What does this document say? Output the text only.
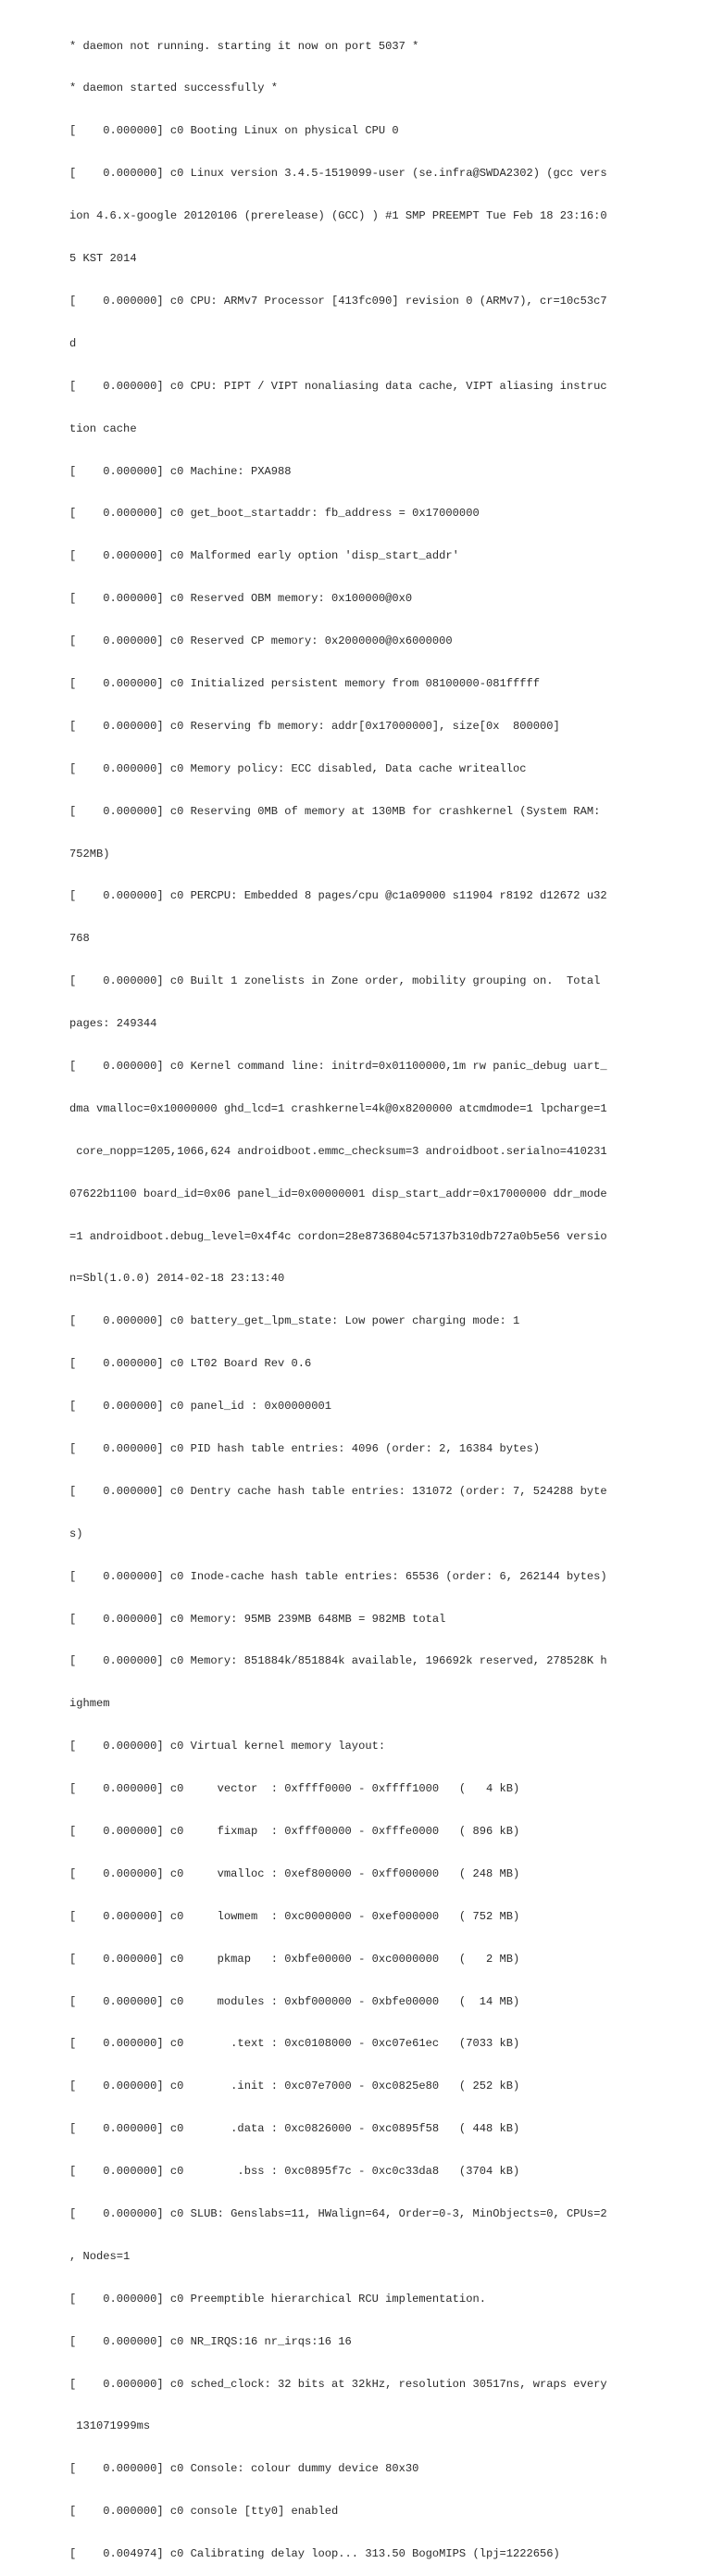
* daemon not running. starting it now on port 5037 *

* daemon started successfully *

[    0.000000] c0 Booting Linux on physical CPU 0

[    0.000000] c0 Linux version 3.4.5-1519099-user (se.infra@SWDA2302) (gcc vers

ion 4.6.x-google 20120106 (prerelease) (GCC) ) #1 SMP PREEMPT Tue Feb 18 23:16:0

5 KST 2014

[    0.000000] c0 CPU: ARMv7 Processor [413fc090] revision 0 (ARMv7), cr=10c53c7

d

[    0.000000] c0 CPU: PIPT / VIPT nonaliasing data cache, VIPT aliasing instruc

tion cache

[    0.000000] c0 Machine: PXA988

[    0.000000] c0 get_boot_startaddr: fb_address = 0x17000000

[    0.000000] c0 Malformed early option 'disp_start_addr'

[    0.000000] c0 Reserved OBM memory: 0x100000@0x0

[    0.000000] c0 Reserved CP memory: 0x2000000@0x6000000

[    0.000000] c0 Initialized persistent memory from 08100000-081fffff

[    0.000000] c0 Reserving fb memory: addr[0x17000000], size[0x  800000]

[    0.000000] c0 Memory policy: ECC disabled, Data cache writealloc

[    0.000000] c0 Reserving 0MB of memory at 130MB for crashkernel (System RAM:

752MB)

[    0.000000] c0 PERCPU: Embedded 8 pages/cpu @c1a09000 s11904 r8192 d12672 u32

768

[    0.000000] c0 Built 1 zonelists in Zone order, mobility grouping on.  Total

pages: 249344

[    0.000000] c0 Kernel command line: initrd=0x01100000,1m rw panic_debug uart_

dma vmalloc=0x10000000 ghd_lcd=1 crashkernel=4k@0x8200000 atcmdmode=1 lpcharge=1

core_nopp=1205,1066,624 androidboot.emmc_checksum=3 androidboot.serialno=410231

07622b1100 board_id=0x06 panel_id=0x00000001 disp_start_addr=0x17000000 ddr_mode

=1 androidboot.debug_level=0x4f4c cordon=28e8736804c57137b310db727a0b5e56 versio

n=Sbl(1.0.0) 2014-02-18 23:13:40

[    0.000000] c0 battery_get_lpm_state: Low power charging mode: 1

[    0.000000] c0 LT02 Board Rev 0.6

[    0.000000] c0 panel_id : 0x00000001

[    0.000000] c0 PID hash table entries: 4096 (order: 2, 16384 bytes)

[    0.000000] c0 Dentry cache hash table entries: 131072 (order: 7, 524288 byte

s)

[    0.000000] c0 Inode-cache hash table entries: 65536 (order: 6, 262144 bytes)

[    0.000000] c0 Memory: 95MB 239MB 648MB = 982MB total

[    0.000000] c0 Memory: 851884k/851884k available, 196692k reserved, 278528K h

ighmem

[    0.000000] c0 Virtual kernel memory layout:

[    0.000000] c0     vector  : 0xffff0000 - 0xffff1000   (   4 kB)

[    0.000000] c0     fixmap  : 0xfff00000 - 0xfffe0000   ( 896 kB)

[    0.000000] c0     vmalloc : 0xef800000 - 0xff000000   ( 248 MB)

[    0.000000] c0     lowmem  : 0xc0000000 - 0xef000000   ( 752 MB)

[    0.000000] c0     pkmap   : 0xbfe00000 - 0xc0000000   (   2 MB)

[    0.000000] c0     modules : 0xbf000000 - 0xbfe00000   (  14 MB)

[    0.000000] c0       .text : 0xc0108000 - 0xc07e61ec   (7033 kB)

[    0.000000] c0       .init : 0xc07e7000 - 0xc0825e80   ( 252 kB)

[    0.000000] c0       .data : 0xc0826000 - 0xc0895f58   ( 448 kB)

[    0.000000] c0        .bss : 0xc0895f7c - 0xc0c33da8   (3704 kB)

[    0.000000] c0 SLUB: Genslabs=11, HWalign=64, Order=0-3, MinObjects=0, CPUs=2

, Nodes=1

[    0.000000] c0 Preemptible hierarchical RCU implementation.

[    0.000000] c0 NR_IRQS:16 nr_irqs:16 16

[    0.000000] c0 sched_clock: 32 bits at 32kHz, resolution 30517ns, wraps every

131071999ms

[    0.000000] c0 Console: colour dummy device 80x30

[    0.000000] c0 console [tty0] enabled

[    0.004974] c0 Calibrating delay loop... 313.50 BogoMIPS (lpj=1222656)
